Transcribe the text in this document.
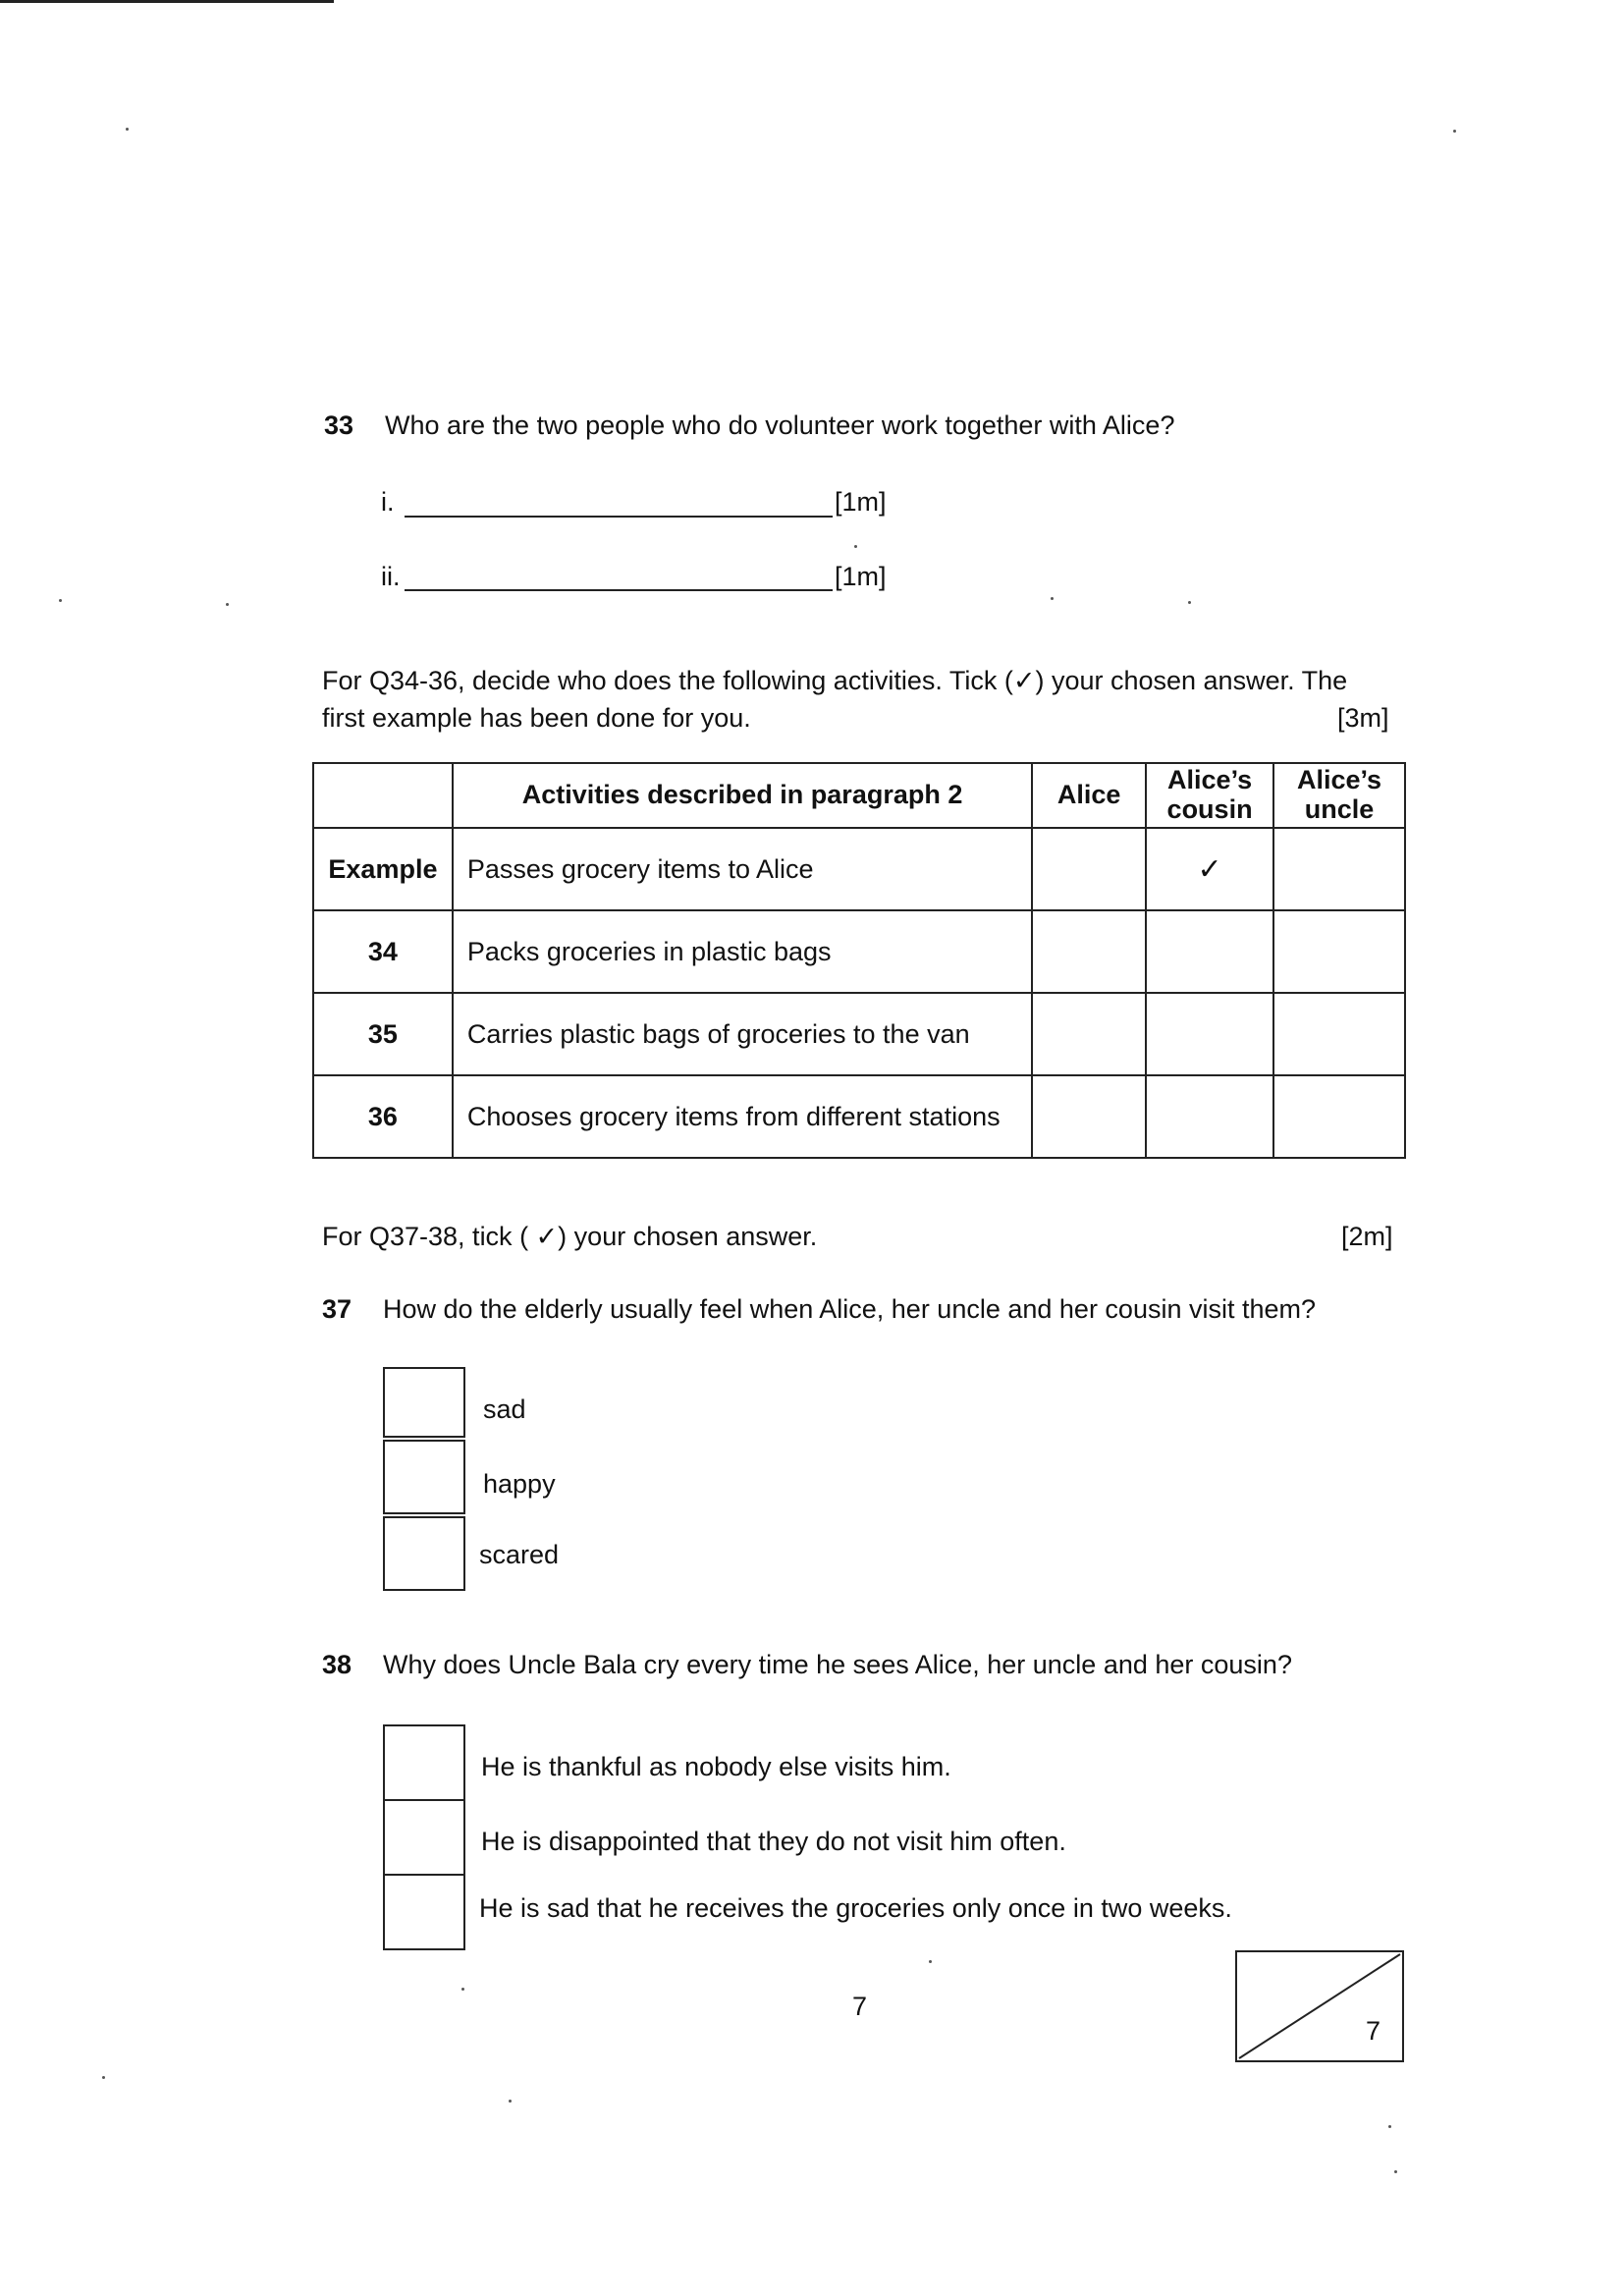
33 Who are the two people who do volunteer work together with Alice?
i.	[1m]
ii.	[1m]
For Q34-36, decide who does the following activities. Tick (✓) your chosen answer. The
first example has been done for you.	[3m]
	Activities described in paragraph 2	Alice	Alice’s cousin	Alice’s uncle
Example	Passes grocery items to Alice		✓	
34	Packs groceries in plastic bags			
35	Carries plastic bags of groceries to the van			
36	Chooses grocery items from different stations			
For Q37-38, tick ( ✓) your chosen answer.	[2m]
37 How do the elderly usually feel when Alice, her uncle and her cousin visit them?
sad
happy
scared
38 Why does Uncle Bala cry every time he sees Alice, her uncle and her cousin?
He is thankful as nobody else visits him.
He is disappointed that they do not visit him often.
He is sad that he receives the groceries only once in two weeks.
7
7
